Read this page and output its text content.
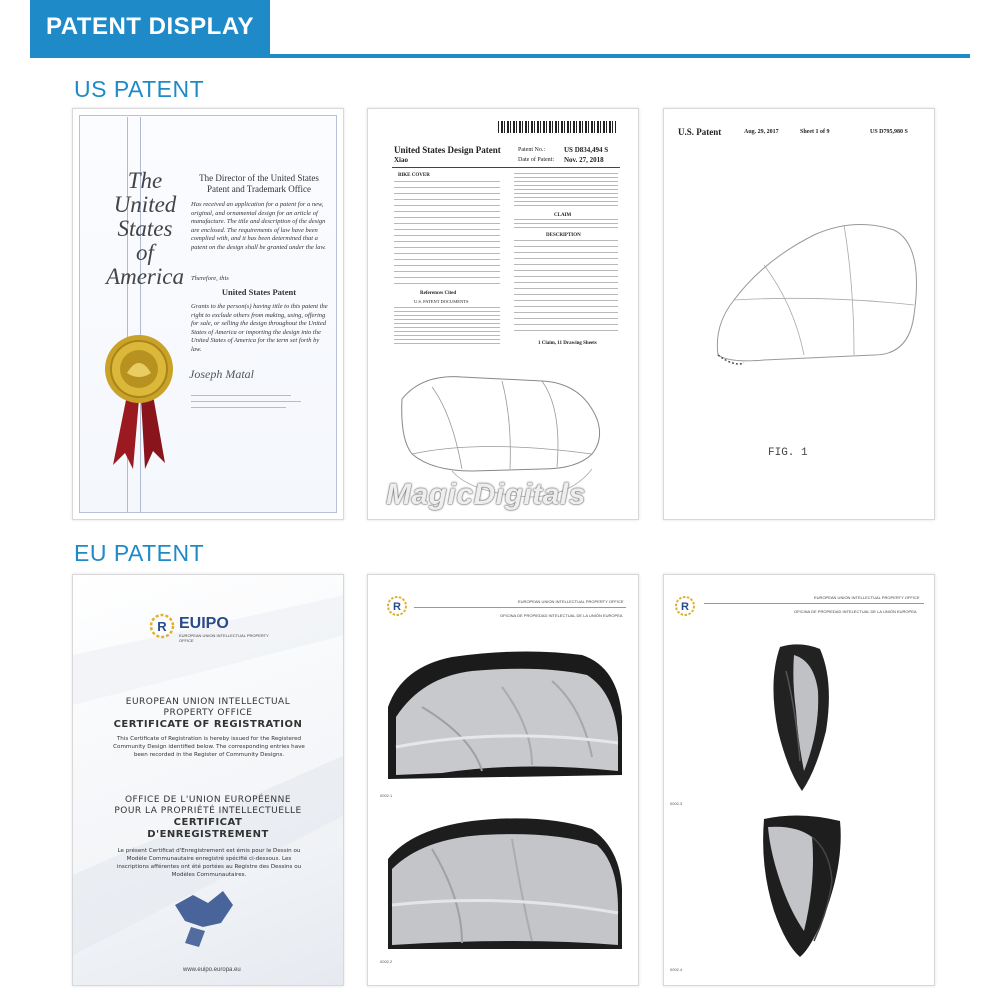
PATENT DISPLAY
US PATENT
EU PATENT
The
United
States
of
America
The Director of the United States Patent and Trademark Office
Has received an application for a patent for a new, original, and ornamental design for an article of manufacture. The title and description of the design are enclosed. The requirements of law have been complied with, and it has been determined that a patent on the design shall be granted under the law.
Therefore, this
United States Patent
Grants to the person(s) having title to this patent the right to exclude others from making, using, offering for sale, or selling the design throughout the United States of America or importing the design into the United States of America for the term set forth by law.
Joseph Matal
United States Design Patent
Xiao
Patent No.:	US D834,494 S
Date of Patent: Nov. 27, 2018
BIKE COVER
References Cited
U.S. PATENT DOCUMENTS
CLAIM
DESCRIPTION
1 Claim, 11 Drawing Sheets
U.S. Patent	Aug. 29, 2017	Sheet 1 of 9	US D795,980 S
FIG. 1
MagicDigitals
R EUIPO
EUROPEAN UNION INTELLECTUAL PROPERTY OFFICE
EUROPEAN UNION INTELLECTUAL
PROPERTY OFFICE
CERTIFICATE OF REGISTRATION
This Certificate of Registration is hereby issued for the Registered Community Design identified below. The corresponding entries have been recorded in the Register of Community Designs.
OFFICE DE L'UNION EUROPÉENNE
POUR LA PROPRIÉTÉ INTELLECTUELLE
CERTIFICAT
D'ENREGISTREMENT
Le présent Certificat d'Enregistrement est émis pour le Dessin ou Modèle Communautaire enregistré spécifié ci-dessous. Les inscriptions afférentes ont été portées au Registre des Dessins ou Modèles Communautaires.
www.euipo.europa.eu
R	EUROPEAN UNION INTELLECTUAL PROPERTY OFFICE
OFICINA DE PROPIEDAD INTELECTUAL DE LA UNIÓN EUROPEA
0002.1
0002.2
R
EUROPEAN UNION INTELLECTUAL PROPERTY OFFICE
OFICINA DE PROPIEDAD INTELECTUAL DE LA UNIÓN EUROPEA
0002.3
0002.4
